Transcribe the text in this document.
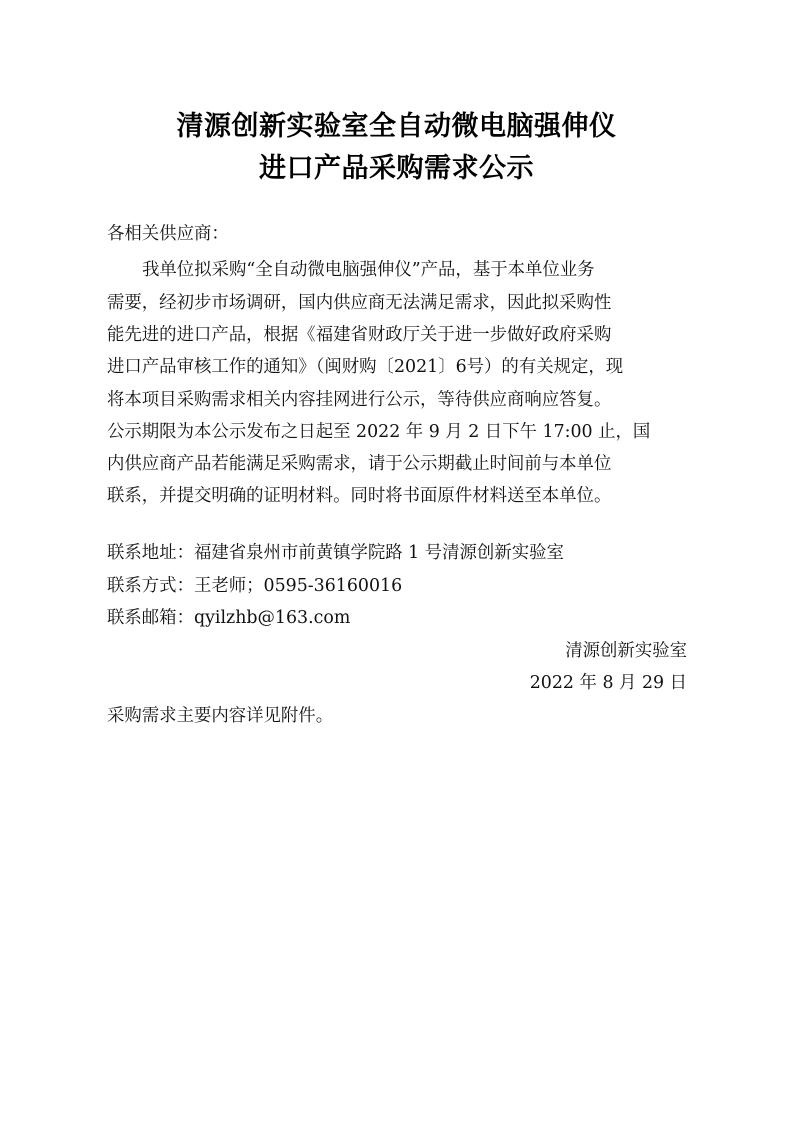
清源创新实验室全自动微电脑强伸仪
进口产品采购需求公示
各相关供应商：
我单位拟采购“全自动微电脑强伸仪”产品，基于本单位业务
需要，经初步市场调研，国内供应商无法满足需求，因此拟采购性
能先进的进口产品，根据《福建省财政厅关于进一步做好政府采购
进口产品审核工作的通知》（闽财购〔2021〕6号）的有关规定，现
将本项目采购需求相关内容挂网进行公示，等待供应商响应答复。
公示期限为本公示发布之日起至 2022 年 9 月 2 日下午 17:00 止，国
内供应商产品若能满足采购需求，请于公示期截止时间前与本单位
联系，并提交明确的证明材料。同时将书面原件材料送至本单位。
联系地址：福建省泉州市前黄镇学院路 1 号清源创新实验室
联系方式：王老师；0595-36160016
联系邮箱：qyilzhb@163.com
清源创新实验室
2022 年 8 月 29 日
采购需求主要内容详见附件。
